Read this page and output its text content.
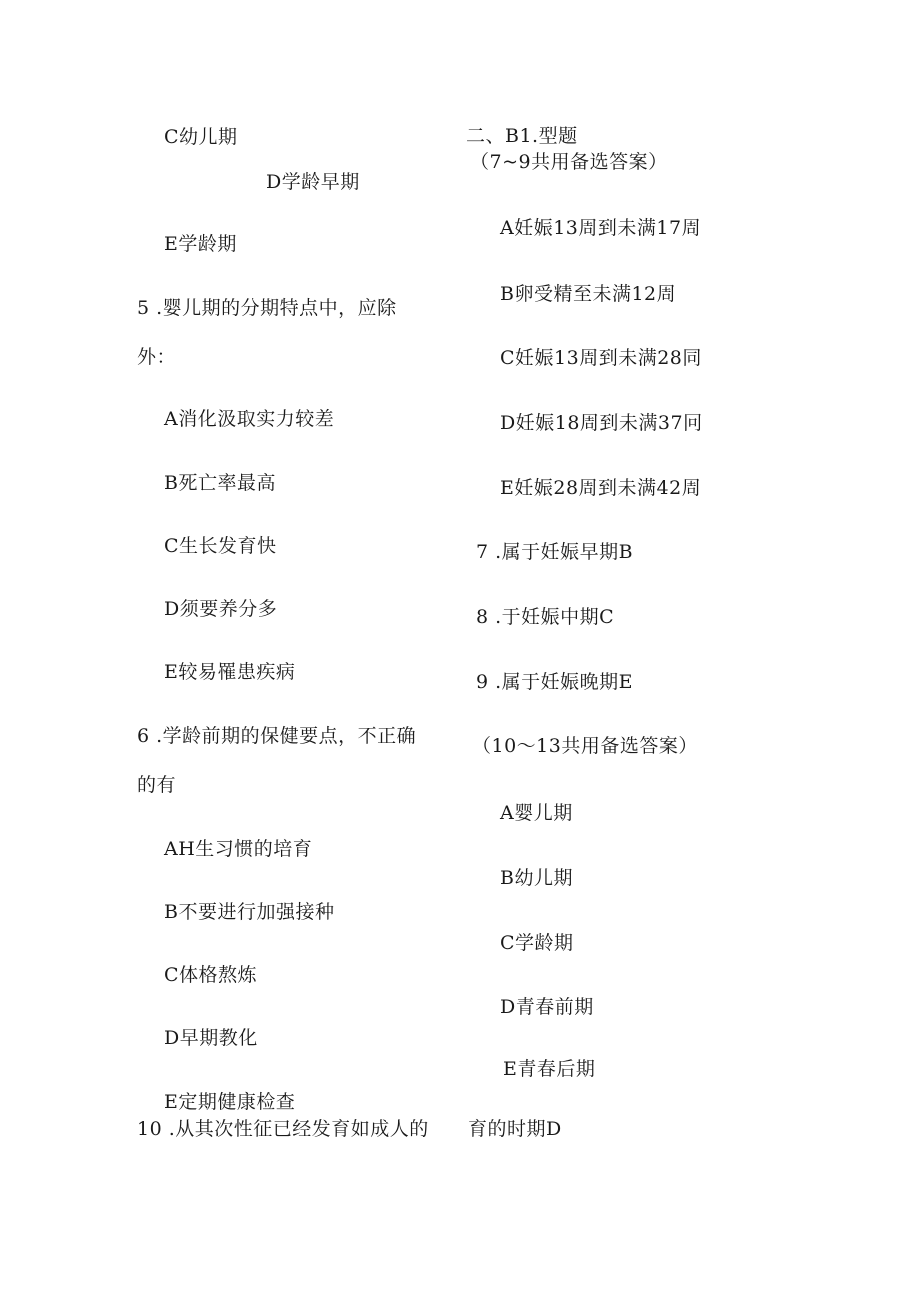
C幼儿期
D学龄早期
E学龄期
5 .婴儿期的分期特点中，应除
外：
A消化汲取实力较差
B死亡率最高
C生长发育快
D须要养分多
E较易罹患疾病
6 .学龄前期的保健要点，不正确
的有
AH生习惯的培育
B不要进行加强接种
C体格熬炼
D早期教化
E定期健康检查
10 .从其次性征已经发育如成人的
二、B1.型题
（7~9共用备选答案）
A妊娠13周到未满17周
B卵受精至未满12周
C妊娠13周到未满28同
D妊娠18周到未满37冋
E妊娠28周到未满42周
7 .属于妊娠早期B
8 .于妊娠中期C
9 .属于妊娠晚期E
（10～13共用备选答案）
A婴儿期
B幼儿期
C学龄期
D青春前期
E青春后期
育的时期D
